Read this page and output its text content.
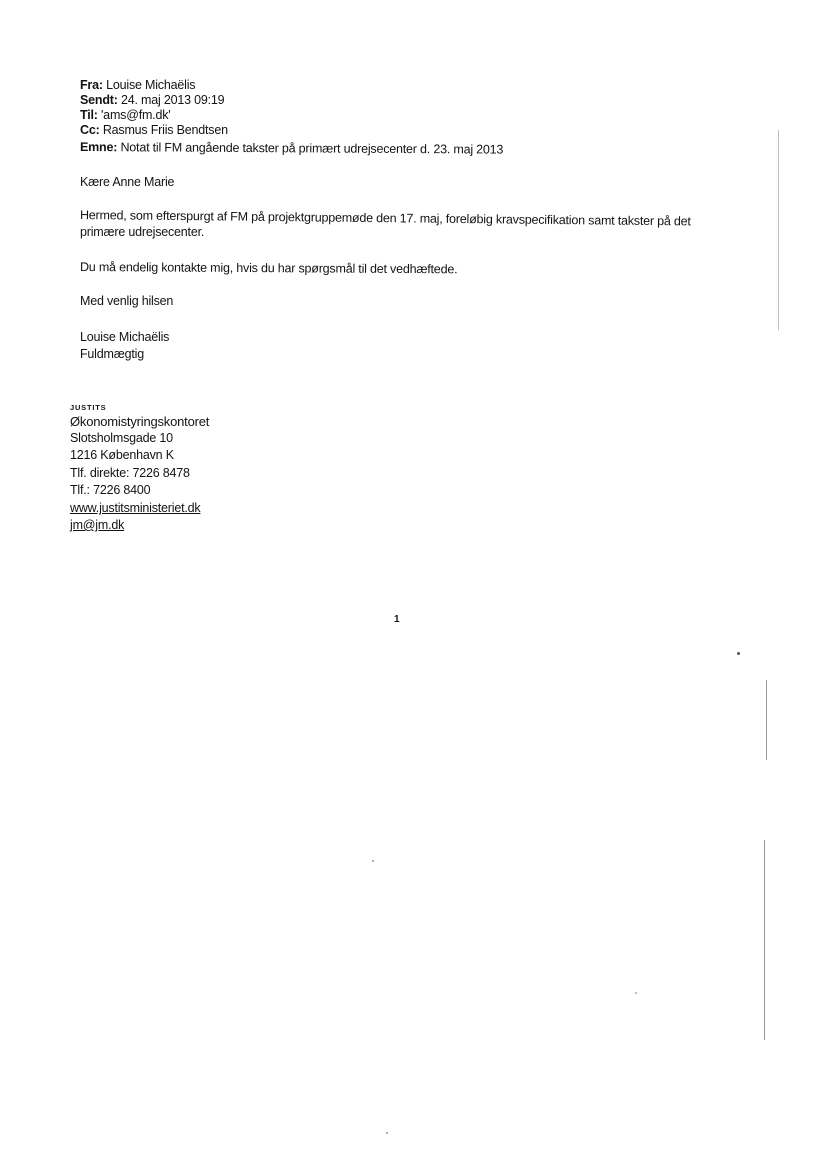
Fra: Louise Michaëlis
Sendt: 24. maj 2013 09:19
Til: 'ams@fm.dk'
Cc: Rasmus Friis Bendtsen
Emne: Notat til FM angående takster på primært udrejsecenter d. 23. maj 2013
Kære Anne Marie
Hermed, som efterspurgt af FM på projektgruppemøde den 17. maj, foreløbig kravspecifikation samt takster på det
primære udrejsecenter.
Du må endelig kontakte mig, hvis du har spørgsmål til det vedhæftede.
Med venlig hilsen
Louise Michaëlis
Fuldmægtig
JUSTITS
Økonomistyringskontoret
Slotsholmsgade 10
1216 København K
Tlf. direkte: 7226 8478
Tlf.: 7226 8400
www.justitsministeriet.dk
jm@jm.dk
1
